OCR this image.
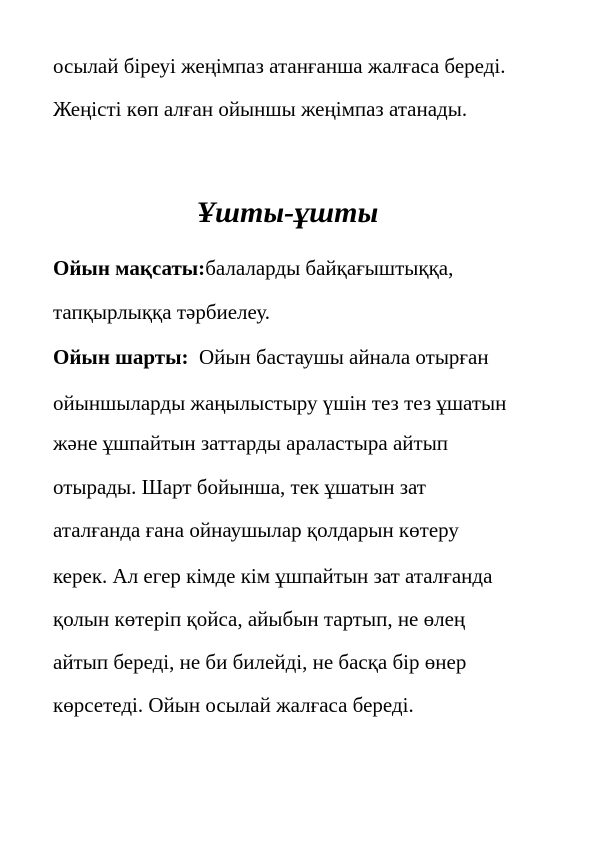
осылай біреуі жеңімпаз атанғанша жалғаса береді.
Жеңісті көп алған ойыншы жеңімпаз атанады.
Ұшты-ұшты
Ойын мақсаты:балаларды байқағыштыққа,
тапқырлыққа тәрбиелеу.
Ойын шарты:  Ойын бастаушы айнала отырған
ойыншыларды жаңылыстыру үшін тез тез ұшатын
және ұшпайтын заттарды араластыра айтып
отырады. Шарт бойынша, тек ұшатын зат
аталғанда ғана ойнаушылар қолдарын көтеру
керек. Ал егер кімде кім ұшпайтын зат аталғанда
қолын көтеріп қойса, айыбын тартып, не өлең
айтып береді, не би билейді, не басқа бір өнер
көрсетеді. Ойын осылай жалғаса береді.
